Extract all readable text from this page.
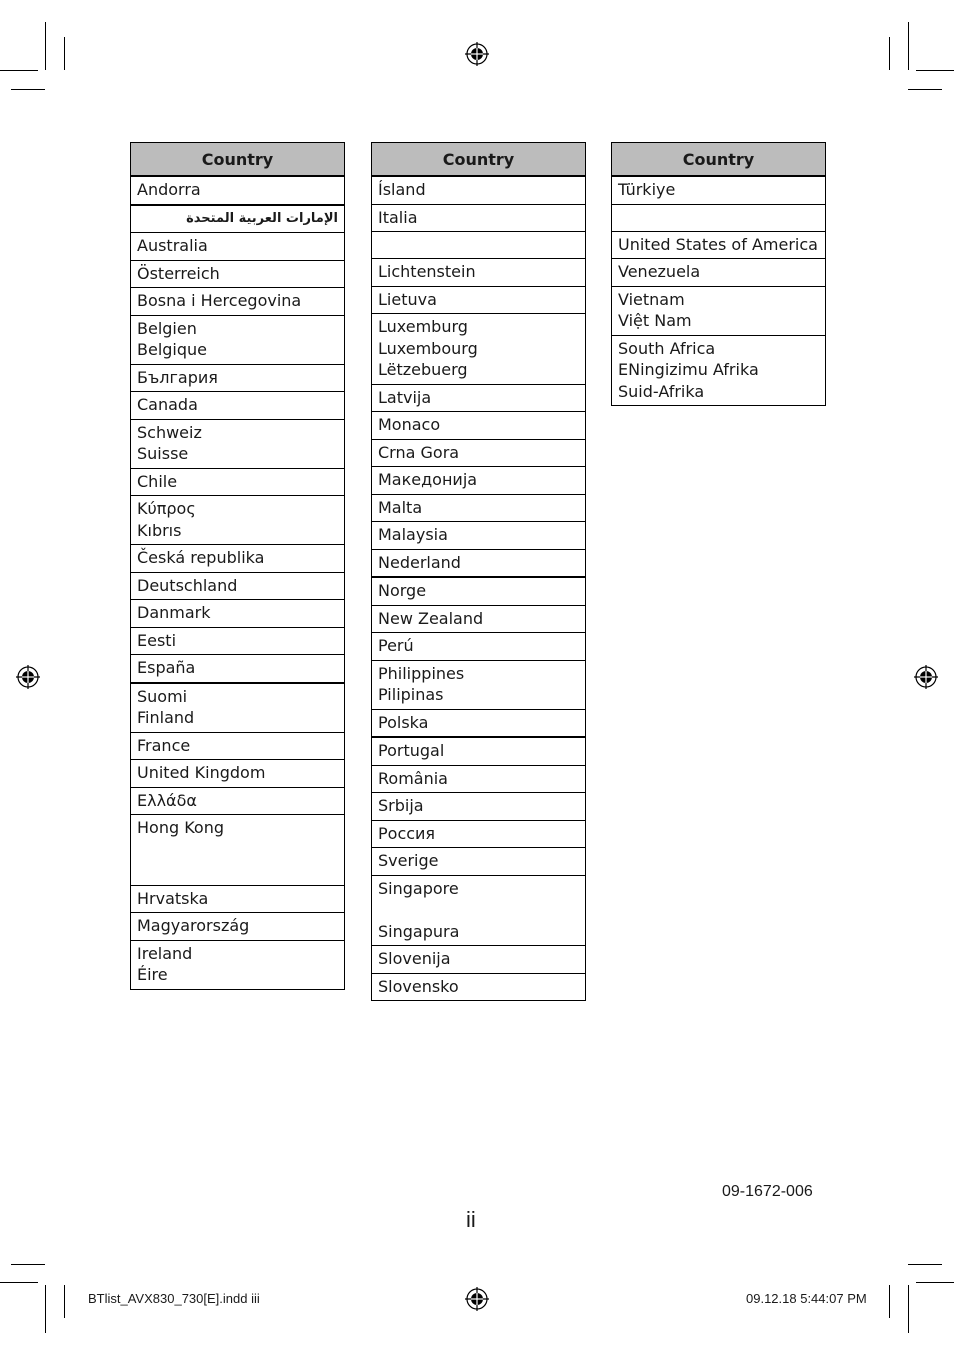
Country
Andorra
الإمارات العربية المتحدة
Australia
Österreich
Bosna i Hercegovina
Belgien
Belgique
България
Canada
Schweiz
Suisse
Chile
Κύπρος
Kıbrıs
Česká republika
Deutschland
Danmark
Eesti
España
Suomi
Finland
France
United Kingdom
Ελλάδα
Hong Kong
Hrvatska
Magyarország
Ireland
Éire
Country
Ísland
Italia
Lichtenstein
Lietuva
Luxemburg
Luxembourg
Lëtzebuerg
Latvija
Monaco
Crna Gora
Македонија
Malta
Malaysia
Nederland
Norge
New Zealand
Perú
Philippines
Pilipinas
Polska
Portugal
România
Srbija
Россия
Sverige
Singapore
Singapura
Slovenija
Slovensko
Country
Türkiye
United States of America
Venezuela
Vietnam
Việt Nam
South Africa
ENingizimu Afrika
Suid-Afrika
09-1672-006
ii
BTlist_AVX830_730[E].indd iii	09.12.18 5:44:07 PM
